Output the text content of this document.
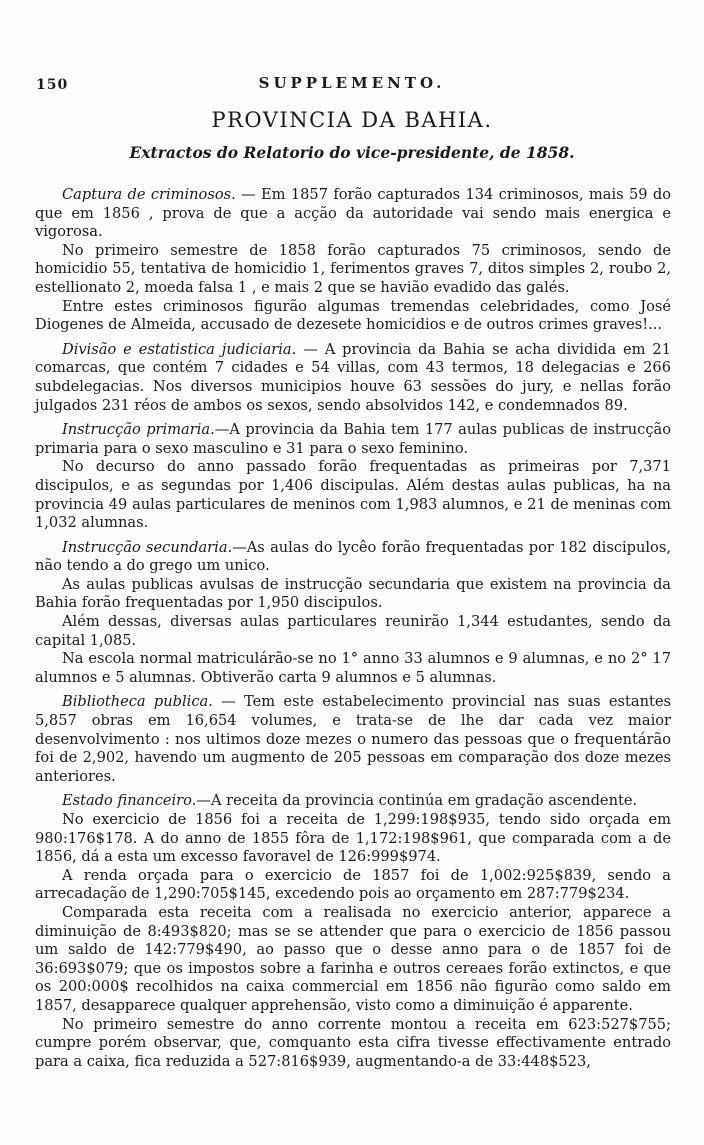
150	SUPPLEMENTO.
PROVINCIA DA BAHIA.
Extractos do Relatorio do vice-presidente, de 1858.

Captura de criminosos. — Em 1857 forão capturados 134 criminosos, mais 59 do que em 1856 , prova de que a acção da autoridade vai sendo mais energica e vigorosa.

No primeiro semestre de 1858 forão capturados 75 criminosos, sendo de homicidio 55, tentativa de homicidio 1, ferimentos graves 7, ditos simples 2, roubo 2, estellionato 2, moeda falsa 1 , e mais 2 que se havião evadido das galés.

Entre estes criminosos figurão algumas tremendas celebridades, como José Diogenes de Almeida, accusado de dezesete homicidios e de outros crimes graves!...

Divisão e estatistica judiciaria. — A provincia da Bahia se acha dividida em 21 comarcas, que contém 7 cidades e 54 villas, com 43 termos, 18 delegacias e 266 subdelegacias. Nos diversos municipios houve 63 sessões do jury, e nellas forão julgados 231 réos de ambos os sexos, sendo absolvidos 142, e condemnados 89.

Instrucção primaria.—A provincia da Bahia tem 177 aulas publicas de instrucção primaria para o sexo masculino e 31 para o sexo feminino.

No decurso do anno passado forão frequentadas as primeiras por 7,371 discipulos, e as segundas por 1,406 discipulas. Além destas aulas publicas, ha na provincia 49 aulas particulares de meninos com 1,983 alumnos, e 21 de meninas com 1,032 alumnas.

Instrucção secundaria.—As aulas do lycêo forão frequentadas por 182 discipulos, não tendo a do grego um unico.

As aulas publicas avulsas de instrucção secundaria que existem na provincia da Bahia forão frequentadas por 1,950 discipulos.

Além dessas, diversas aulas particulares reunirão 1,344 estudantes, sendo da capital 1,085.

Na escola normal matriculárão-se no 1° anno 33 alumnos e 9 alumnas, e no 2° 17 alumnos e 5 alumnas. Obtiverão carta 9 alumnos e 5 alumnas.

Bibliotheca publica. — Tem este estabelecimento provincial nas suas estantes 5,857 obras em 16,654 volumes, e trata-se de lhe dar cada vez maior desenvolvimento : nos ultimos doze mezes o numero das pessoas que o frequentárão foi de 2,902, havendo um augmento de 205 pessoas em comparação dos doze mezes anteriores.

Estado financeiro.—A receita da provincia continúa em gradação ascendente.

No exercicio de 1856 foi a receita de 1,299:198$935, tendo sido orçada em 980:176$178. A do anno de 1855 fôra de 1,172:198$961, que comparada com a de 1856, dá a esta um excesso favoravel de 126:999$974.

A renda orçada para o exercicio de 1857 foi de 1,002:925$839, sendo a arrecadação de 1,290:705$145, excedendo pois ao orçamento em 287:779$234.

Comparada esta receita com a realisada no exercicio anterior, apparece a diminuição de 8:493$820; mas se se attender que para o exercicio de 1856 passou um saldo de 142:779$490, ao passo que o desse anno para o de 1857 foi de 36:693$079; que os impostos sobre a farinha e outros cereaes forão extinctos, e que os 200:000$ recolhidos na caixa commercial em 1856 não figurão como saldo em 1857, desapparece qualquer apprehensão, visto como a diminuição é apparente.

No primeiro semestre do anno corrente montou a receita em 623:527$755; cumpre porém observar, que, comquanto esta cifra tivesse effectivamente entrado para a caixa, fica reduzida a 527:816$939, augmentando-a de 33:448$523,
